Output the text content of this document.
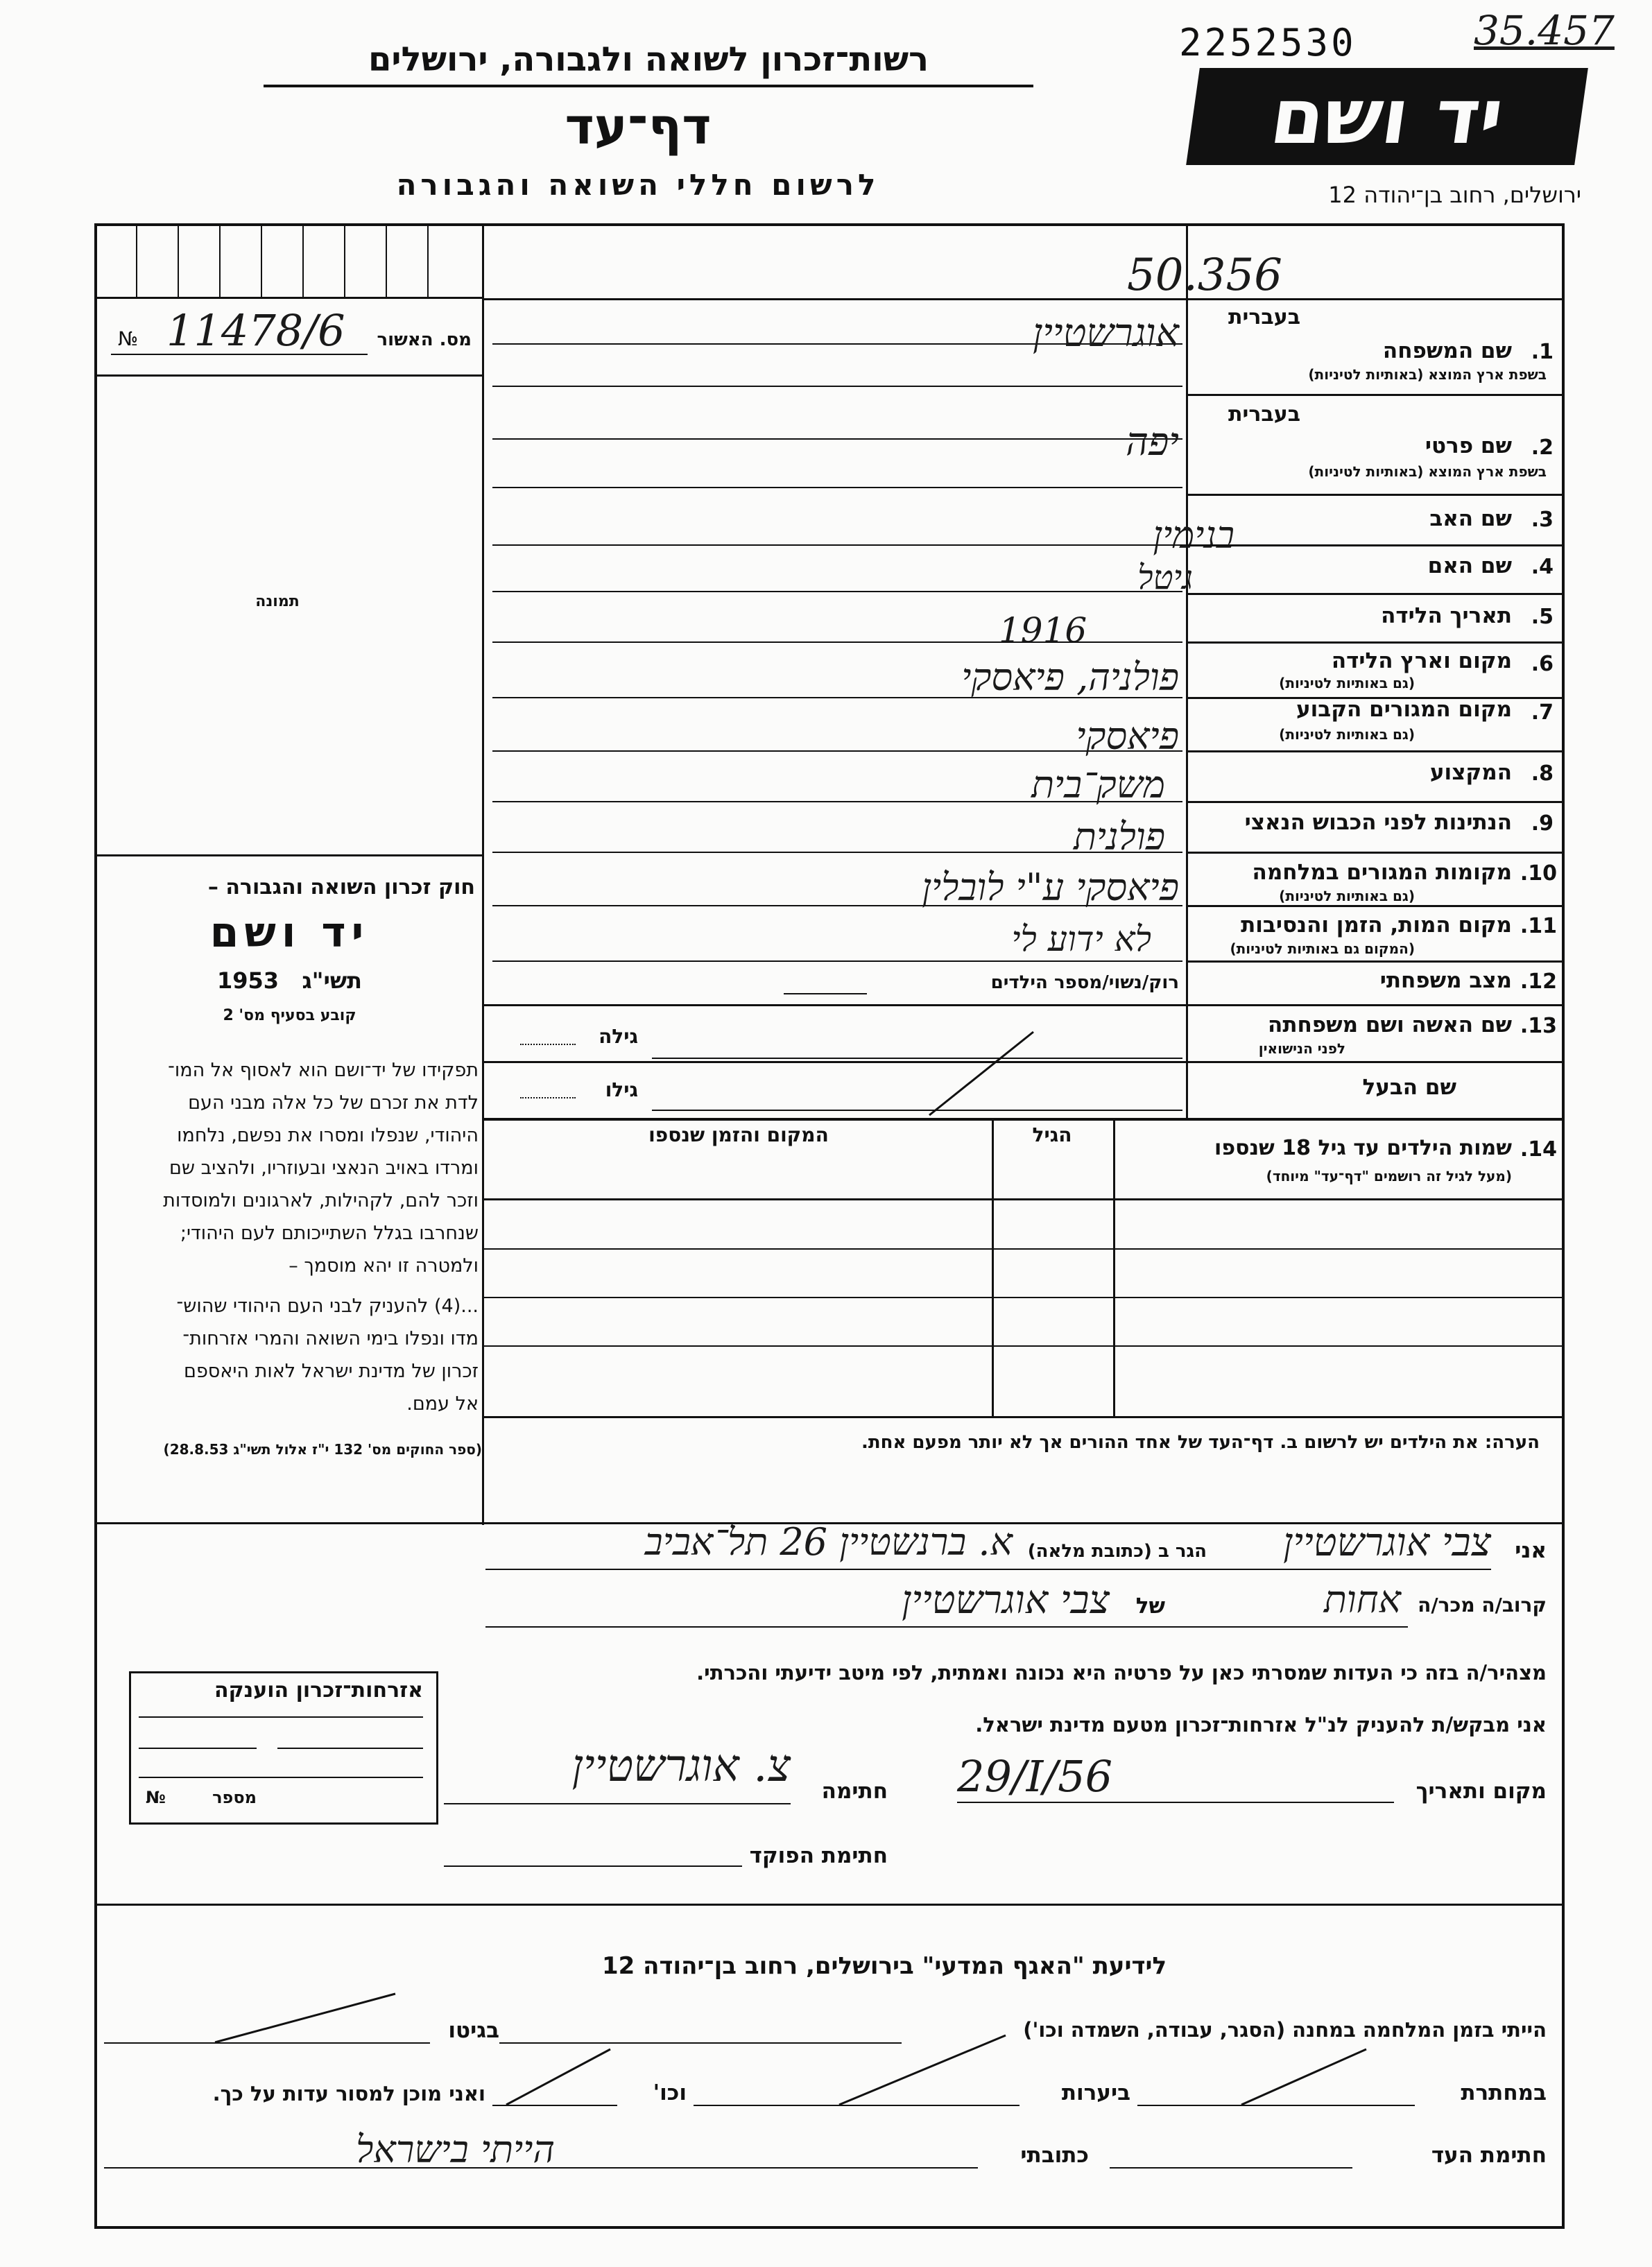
רשות־זכרון לשואה ולגבורה, ירושלים
דף־עד
לרשום חללי השואה והגבורה
2252530	35.457
יד ושם
ירושלים, רחוב בן־יהודה 12
מס. האשור
№ 11478/6
תמונה
חוק זכרון השואה והגבורה –
יד ושם
תשי"ג   1953
קובע בסעיף מס' 2
תפקידו של יד־ושם הוא לאסוף אל המו־
לדת את זכרם של כל אלה מבני העם
היהודי, שנפלו ומסרו את נפשם, נלחמו
ומרדו באויב הנאצי ובעוזריו, ולהציב שם
וזכר להם, לקהילות, לארגונים ולמוסדות
שנחרבו בגלל השתייכותם לעם היהודי;
ולמטרה זו יהא מוסמך –
...(4) להעניק לבני העם היהודי שהוש־
מדו ונפלו בימי השואה והמרי אזרחות־
זכרון של מדינת ישראל לאות היאספם
אל עמם.
(ספר החוקים מס' 132 י"ז אלול תשי"ג 28.8.53)
50.356
בעברית
1.
שם המשפחה
בשפת ארץ המוצא (באותיות לטיניות)
אוגרשטיין
בעברית
2.
שם פרטי
בשפת ארץ המוצא (באותיות לטיניות)
יפה
3.
שם האב
בנימין
4.
שם האם
גיטל
5.
תאריך הלידה
1916
6.
מקום וארץ הלידה
(גם באותיות לטיניות)
פולניה, פיאסקי
7.
מקום המגורים הקבוע
(גם באותיות לטיניות)
פיאסקי
8.
המקצוע
משק־בית
9.
הנתינות לפני הכבוש הנאצי
פולנית
10.
מקומות המגורים במלחמה
(גם באותיות לטיניות)
פיאסקי ע"י לובלין
11.
מקום המות, הזמן והנסיבות
(המקום גם באותיות לטיניות)
לא ידוע לי
12.
מצב משפחתי
רוק/נשוי/מספר הילדים
13.
שם האשה ושם משפחתה
לפני הנישואין
גילה
שם הבעל
גילו
14.
שמות הילדים עד גיל 18 שנספו
(מעל לגיל זה רושמים "דף־עד" מיוחד)
הגיל
המקום והזמן שנספו
הערה: את הילדים יש לרשום ב. דף־העד של אחד ההורים אך לא יותר מפעם אחת.
אני
צבי אוגרשטיין
הגר ב (כתובת מלאה)
א. ברנשטיין 26 תל־אביב
קרוב/ה מכר/ה
אחות
של
צבי אוגרשטיין
מצהיר/ה בזה כי העדות שמסרתי כאן על פרטיה היא נכונה ואמתית, לפי מיטב ידיעתי והכרתי.
אני מבקש/ת להעניק לנ"ל אזרחות־זכרון מטעם מדינת ישראל.
מקום ותאריך
29/I/56
חתימה
צ. אוגרשטיין
חתימת הפוקד
אזרחות־זכרון הוענקה
№	מספר
לידיעת "האגף המדעי" בירושלים, רחוב בן־יהודה 12
הייתי בזמן המלחמה במחנה (הסגר, עבודה, השמדה וכו')
בגיטו
במחתרת
ביערות
וכו'
ואני מוכן למסור עדות על כך.
חתימת העד
כתובתי
הייתי בישראל
